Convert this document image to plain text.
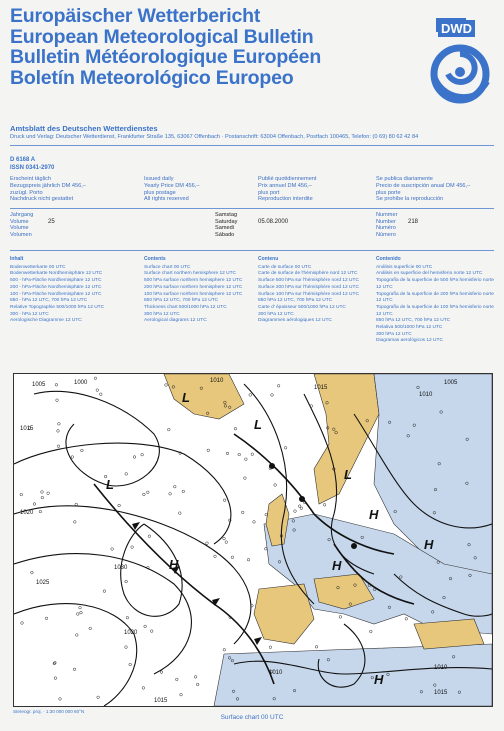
Europäischer Wetterbericht
European Meteorological Bulletin
Bulletin Météorologique Européen
Boletín Meteorológico Europeo
DWD
Amtsblatt des Deutschen Wetterdienstes
Druck und Verlag: Deutscher Wetterdienst, Frankfurter Straße 135, 63067 Offenbach · Postanschrift: 63004 Offenbach, Postfach 100465, Telefon: (0 69) 80 62 42 84
D 6168 A
ISSN 0341-2970
Erscheint täglich
Bezugspreis jährlich DM 456,–
zuzügl. Porto
Nachdruck nicht gestattet
Issued daily
Yearly Price DM 456,–
plus postage
All rights reserved
Publié quotidiennement
Prix annuel DM 456,–
plus port
Reproduction interdite
Se publica diariamente
Precio de suscripción anual DM 456,–
plus porte
Se prohíbe la reproducción
Jahrgang
Volume
Volume
Volumen
25
Samstag
Saturday
Samedi
Sábado
05.08.2000
Nummer
Number
Numéro
Número
218
Inhalt
Bodenwetterkarte 00 UTC
Bodenwetterkarte Nordhemisphäre 12 UTC
500 - hPa-Fläche Nordhemisphäre 12 UTC
200 - hPa-Fläche Nordhemisphäre 12 UTC
100 - hPa-Fläche Nordhemisphäre 12 UTC
850 - hPa 12 UTC, 700 hPa 12 UTC
Relative Topographie 500/1000 hPa 12 UTC
300 - hPa 12 UTC
Aerologische Diagramme 12 UTC
Contents
Surface chart 00 UTC
Surface chart northern hemisphere 12 UTC
500 hPa surface northern hemisphere 12 UTC
200 hPa surface northern hemisphere 12 UTC
100 hPa surface northern hemisphere 12 UTC
850 hPa 12 UTC, 700 hPa 12 UTC
Thickness chart 500/1000 hPa 12 UTC
300 hPa 12 UTC
Aerological diagrams 12 UTC
Contenu
Carte de surface 00 UTC
Carte de surface de l'hémisphère nord 12 UTC
Surface 500 hPa sur l'hémisphère nord 12 UTC
Surface 200 hPa sur l'hémisphère nord 12 UTC
Surface 100 hPa sur l'hémisphère nord 12 UTC
850 hPa 12 UTC, 700 hPa 12 UTC
Carte d' épaisseur 500/1000 hPa 12 UTC
300 hPa 12 UTC
Diagrammes aérologiques 12 UTC
Contenido
Análisis superficie 00 UTC
Análisis en superficie del hemisferio norte 12 UTC
Topografía de la superficie de 500 hPa hemisferio norte 12 UTC
Topografía de la superficie de 200 hPa hemisferio norte 12 UTC
Topografía de la superficie de 100 hPa hemisferio norte 12 UTC
850 hPa 12 UTC, 700 hPa 12 UTC
Relativa 500/1000 hPa 12 UTC
300 hPa 12 UTC
Diagramas aerológicos 12 UTC
H
H
H
H
H
L
L
L
L
1005	1000	1010
1015
1020
1025
1030
1015
1010
1005
1010
1015
1020
1015
1010
Stereogr. proj. · 1:30 000 000 60°N
Surface chart 00 UTC
